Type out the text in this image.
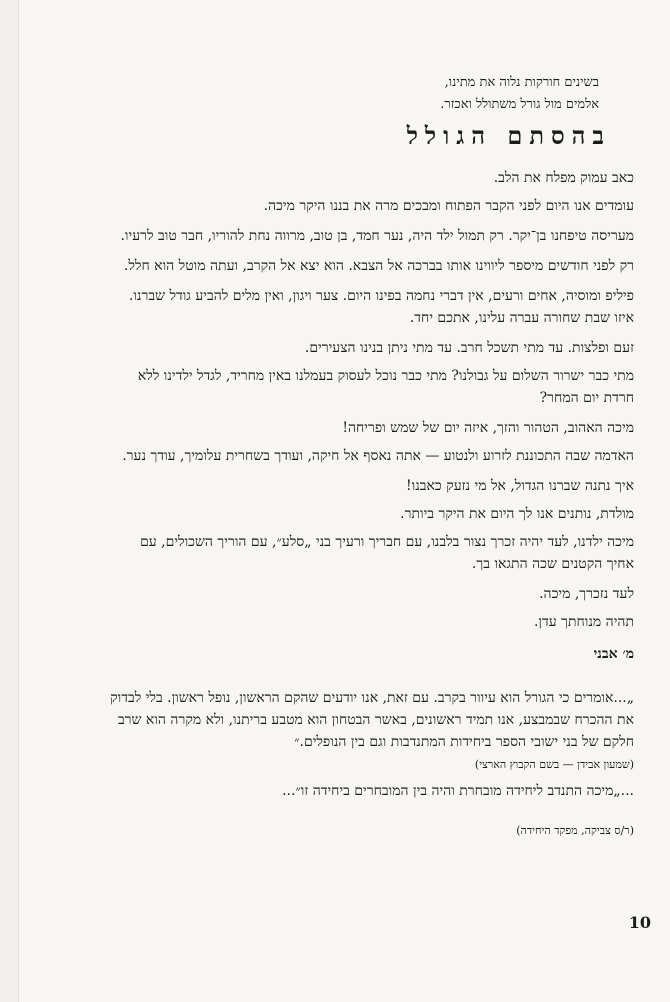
בשינים חורקות נלוה את מתינו,
אלמים מול גורל משתולל ואכזר.
בהסתם הגולל

כאב עמוק מפלח את הלב.

עומדים אנו היום לפני הקבר הפתוח ומבכים מרה את בננו היקר מיכה.

מעריסה טיפחנו בן־יקר. רק תמול ילד היה, נער חמד, בן טוב, מרווה נחת להוריו, חבר טוב לרעיו.

רק לפני חודשים מיספר ליווינו אותו בברכה אל הצבא. הוא יצא אל הקרב, ועתה מוטל הוא חלל.

פיליפ ומוסיה, אחים ורעים, אין דברי נחמה בפינו היום. צער ויגון, ואין מלים להביע גודל שברנו. איזו שבת שחורה עברה עלינו, אתכם יחד.

זעם ופלצות. עד מתי תשכל חרב. עד מתי ניתן בנינו הצעירים.

מתי כבר ישרור השלום על גבולנו? מתי כבר נוכל לעסוק בעמלנו באין מחריד, לגדל ילדינו ללא חרדת יום המחר?

מיכה האהוב, הטהור והזך, איזה יום של שמש ופריחה!

האדמה שבה התכוננת לזרוע ולנטוע — אתה נאסף אל חיקה, ועודך בשחרית עלומיך, עודך נער.

איך נתנה שברנו הגדול, אל מי נזעק כאבנו!

מולדת, נותנים אנו לך היום את היקר ביותר.

מיכה ילדנו, לעד יהיה זכרך נצור בלבנו, עם חבריך ורעיך בני „סלע״, עם הוריך השכולים, עם אחיך הקטנים שכה התגאו בך.

לעד נזכרך, מיכה.

תהיה מנוחתך עדן.

מ׳ אבני
„...אומרים כי הגורל הוא עיוור בקרב. עם זאת, אנו יודעים שהקם הראשון, נופל ראשון. בלי לבדוק את ההכרח שבמבצע, אנו תמיד ראשונים, באשר הבטחון הוא מטבע בריתנו, ולא מקרה הוא שרב חלקם של בני ישובי הספר ביחידות המתנדבות וגם בין הנופלים.״
(שמעון אבידן — בשם הקבוץ הארצי)
...„מיכה התנדב ליחידה מובחרת והיה בין המובחרים ביחידה זו״...
(ר/ס צביקה, מפקד היחידה)
10
